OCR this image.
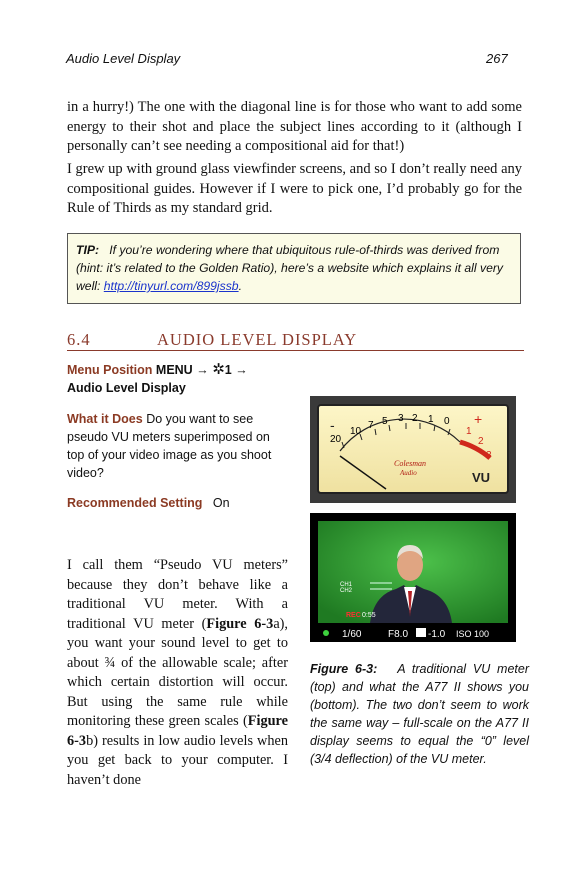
Audio Level Display	267
in a hurry!) The one with the diagonal line is for those who want to add some energy to their shot and place the subject lines according to it (although I personally can’t see needing a compositional aid for that!)
I grew up with ground glass viewfinder screens, and so I don’t really need any compositional guides. However if I were to pick one, I’d probably go for the Rule of Thirds as my standard grid.
TIP: If you’re wondering where that ubiquitous rule-of-thirds was derived from (hint: it’s related to the Golden Ratio), here’s a website which explains it all very well: http://tinyurl.com/899jssb.
6.4	AUDIO LEVEL DISPLAY
Menu Position MENU → ✲1 →
Audio Level Display
What it Does Do you want to see pseudo VU meters superimposed on top of your video image as you shoot video?
Recommended Setting On
I call them “Pseudo VU meters” because they don’t behave like a traditional VU meter. With a traditional VU meter (Figure 6-3a), you want your sound level to get to about ¾ of the allowable scale; after which certain distortion will occur. But using the same rule while monitoring these green scales (Figure 6-3b) results in low audio levels when you get back to your computer. I haven’t done
20
10
7 5 3 2 1 0
1
2
3
+
-
Colesman
Audio	VU
CH1
CH2
REC 0:55
1/60	F8.0 -1.0 ISO 100
Figure 6-3: A traditional VU meter (top) and what the A77 II shows you (bottom). The two don’t seem to work the same way – full-scale on the A77 II display seems to equal the “0” level (3/4 deflection) of the VU meter.
